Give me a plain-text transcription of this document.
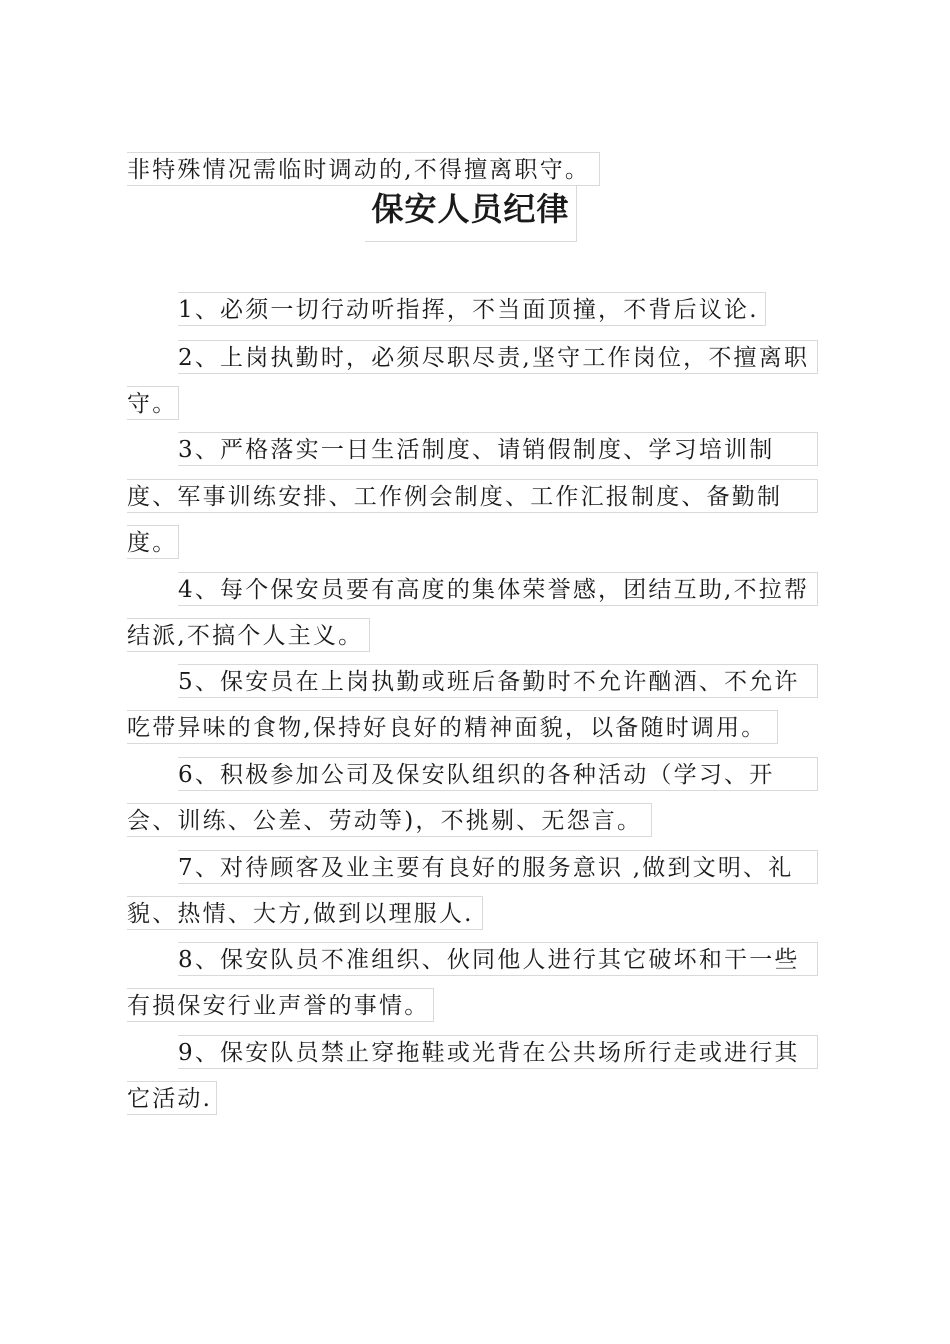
非特殊情况需临时调动的,不得擅离职守。
保安人员纪律
1、必须一切行动听指挥，不当面顶撞，不背后议论.
2、上岗执勤时，必须尽职尽责,坚守工作岗位，不擅离职
守。
3、严格落实一日生活制度、请销假制度、学习培训制
度、军事训练安排、工作例会制度、工作汇报制度、备勤制
度。
4、每个保安员要有高度的集体荣誉感，团结互助,不拉帮
结派,不搞个人主义。
5、保安员在上岗执勤或班后备勤时不允许酗酒、不允许
吃带异味的食物,保持好良好的精神面貌，以备随时调用。
6、积极参加公司及保安队组织的各种活动（学习、开
会、训练、公差、劳动等)，不挑剔、无怨言。
7、对待顾客及业主要有良好的服务意识 ,做到文明、礼
貌、热情、大方,做到以理服人.
8、保安队员不准组织、伙同他人进行其它破坏和干一些
有损保安行业声誉的事情。
9、保安队员禁止穿拖鞋或光背在公共场所行走或进行其
它活动.
